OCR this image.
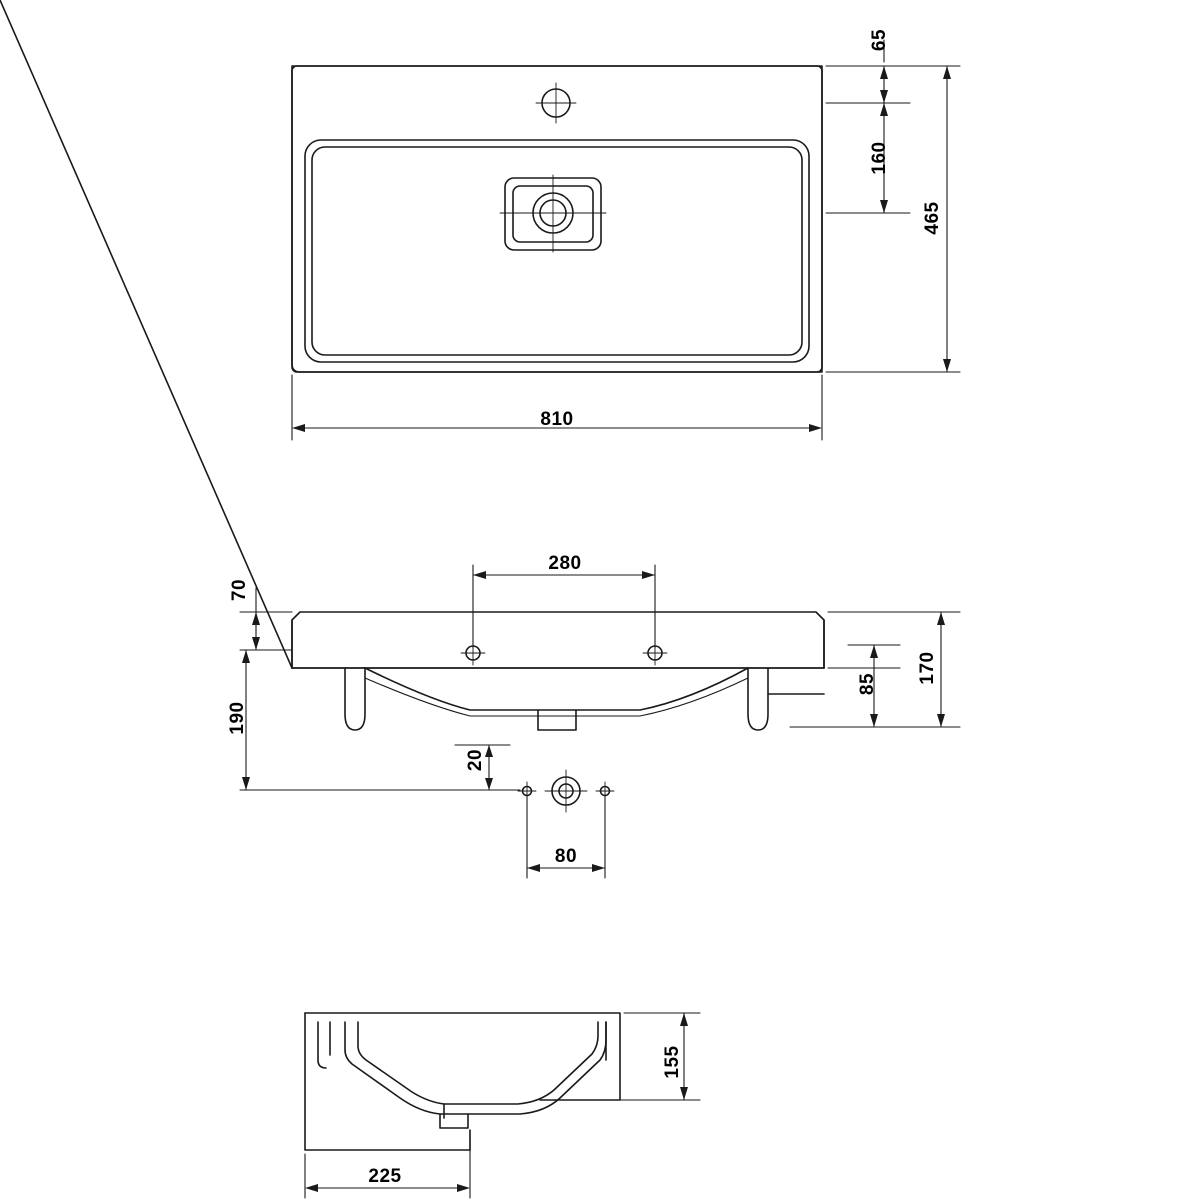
810
465
65
160
280
70
190
170
85
20
80
155
225
